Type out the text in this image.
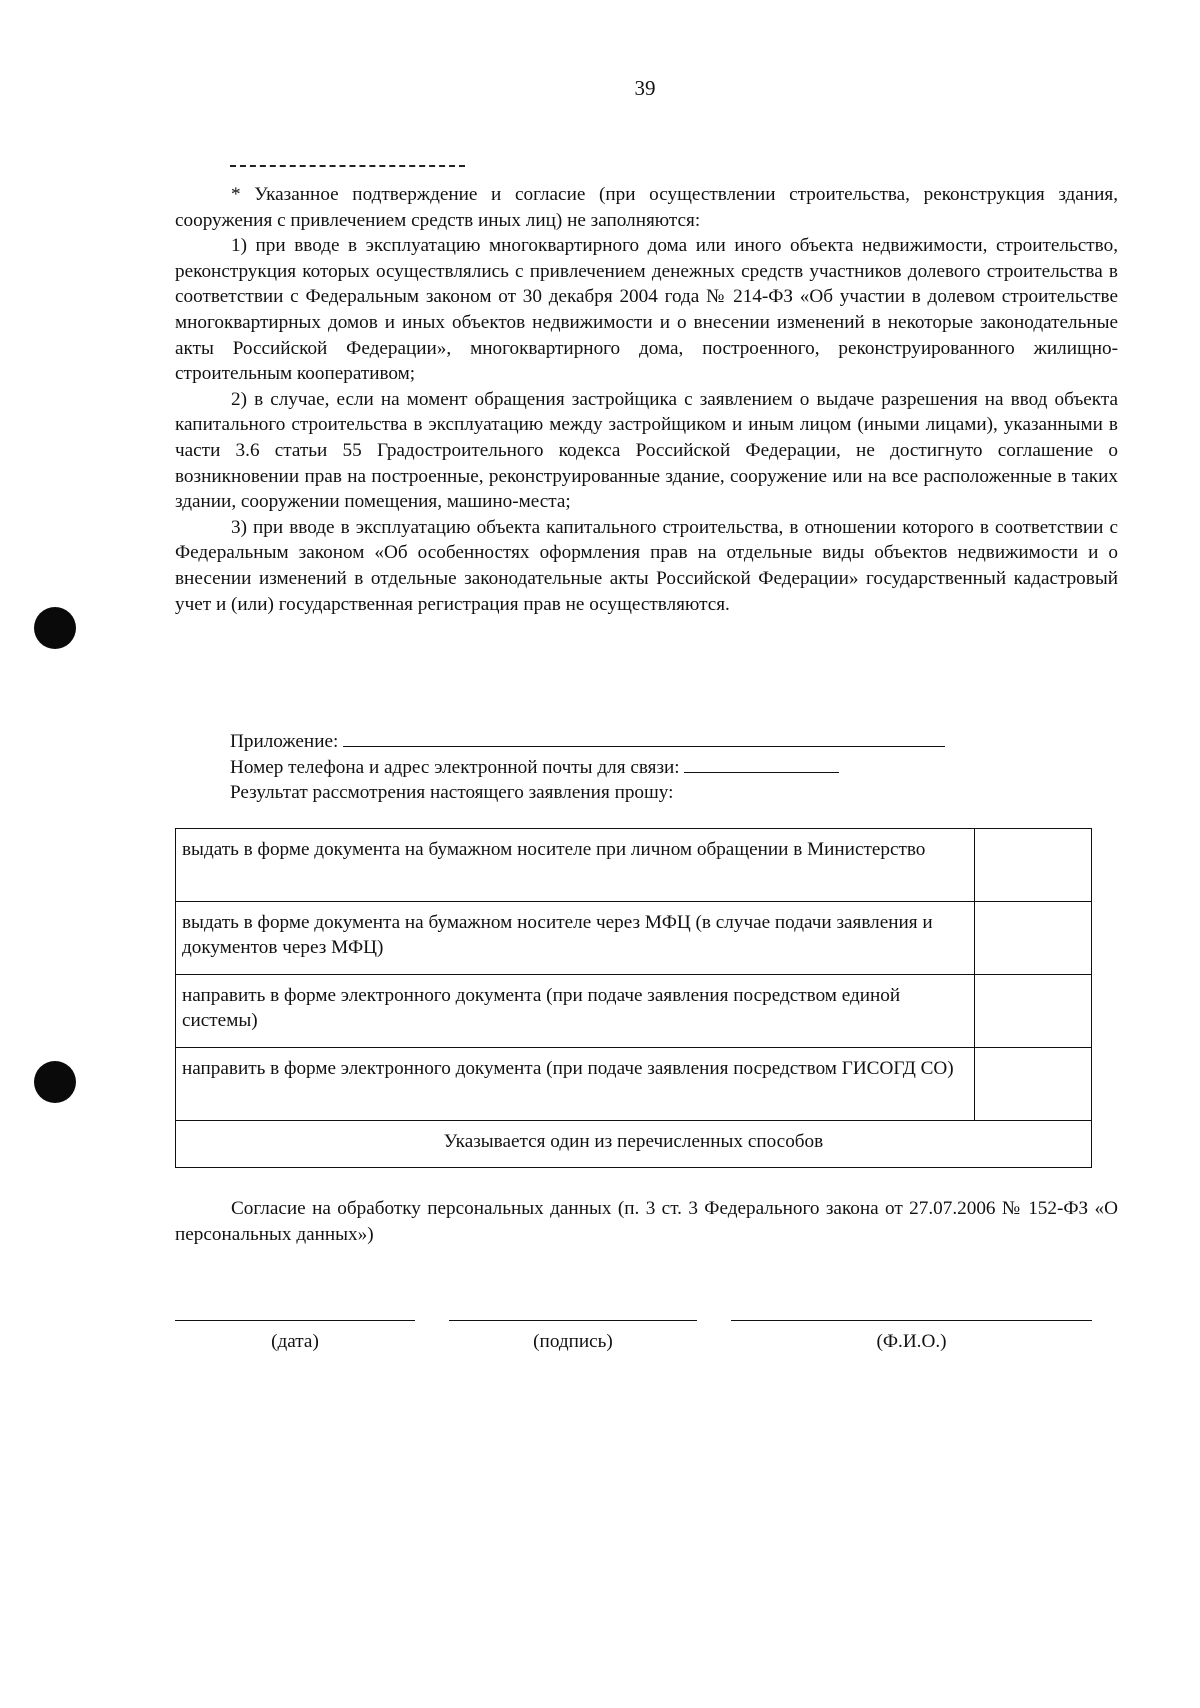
39

* Указанное подтверждение и согласие (при осуществлении строительства, реконструкция здания, сооружения с привлечением средств иных лиц) не заполняются:

1) при вводе в эксплуатацию многоквартирного дома или иного объекта недвижимости, строительство, реконструкция которых осуществлялись с привлечением денежных средств участников долевого строительства в соответствии с Федеральным законом от 30 декабря 2004 года № 214-ФЗ «Об участии в долевом строительстве многоквартирных домов и иных объектов недвижимости и о внесении изменений в некоторые законодательные акты Российской Федерации», многоквартирного дома, построенного, реконструированного жилищно-строительным кооперативом;

2) в случае, если на момент обращения застройщика с заявлением о выдаче разрешения на ввод объекта капитального строительства в эксплуатацию между застройщиком и иным лицом (иными лицами), указанными в части 3.6 статьи 55 Градостроительного кодекса Российской Федерации, не достигнуто соглашение о возникновении прав на построенные, реконструированные здание, сооружение или на все расположенные в таких здании, сооружении помещения, машино-места;

3) при вводе в эксплуатацию объекта капитального строительства, в отношении которого в соответствии с Федеральным законом «Об особенностях оформления прав на отдельные виды объектов недвижимости и о внесении изменений в отдельные законодательные акты Российской Федерации» государственный кадастровый учет и (или) государственная регистрация прав не осуществляются.

Приложение:
Номер телефона и адрес электронной почты для связи:
Результат рассмотрения настоящего заявления прошу:
выдать в форме документа на бумажном носителе при личном обращении в Министерство	
выдать в форме документа на бумажном носителе через МФЦ (в случае подачи заявления и документов через МФЦ)	
направить в форме электронного документа (при подаче заявления посредством единой системы)	
направить в форме электронного документа (при подаче заявления посредством ГИСОГД СО)	
Указывается один из перечисленных способов	
Согласие на обработку персональных данных (п. 3 ст. 3 Федерального закона от 27.07.2006 № 152-ФЗ «О персональных данных»)
(дата)	(подпись)	(Ф.И.О.)
